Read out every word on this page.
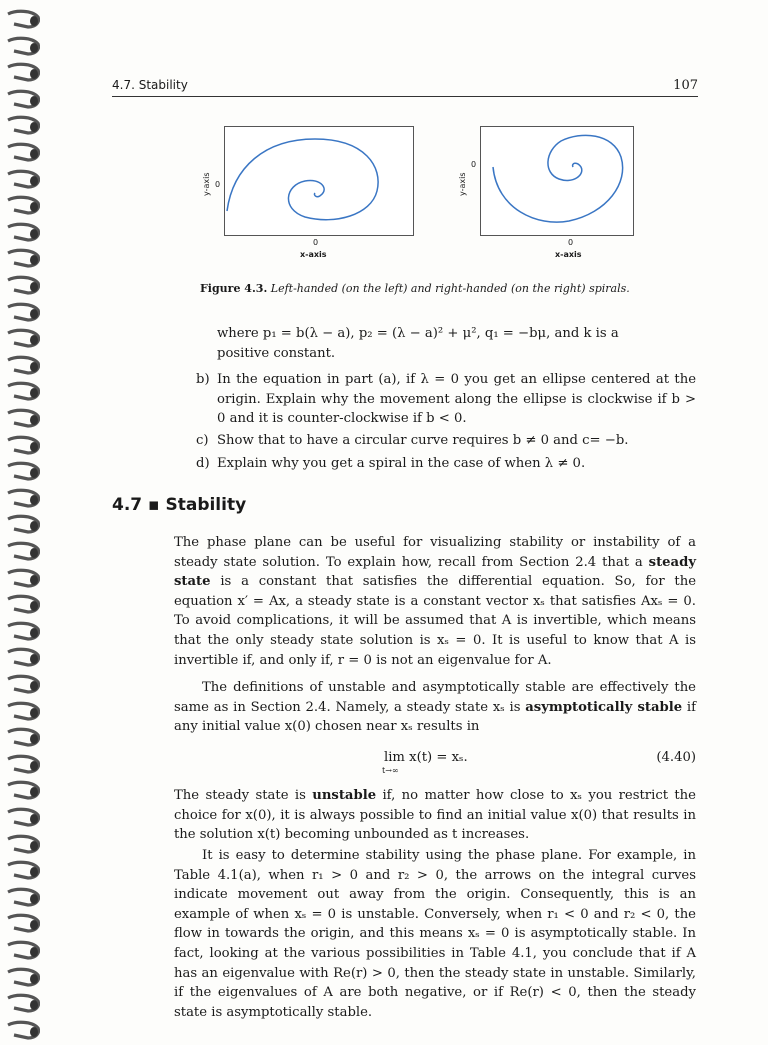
4.7. Stability	107
y-axis 0
0
x-axis
y-axis
0
0
x-axis
Figure 4.3. Left-handed (on the left) and right-handed (on the right) spirals.
where p₁ = b(λ − a), p₂ = (λ − a)² + μ², q₁ = −bμ, and k is a
positive constant.
b) In the equation in part (a), if λ = 0 you get an ellipse centered at the origin. Explain why the movement along the ellipse is clockwise if b > 0 and it is counter-clockwise if b < 0.
c) Show that to have a circular curve requires b ≠ 0 and c= −b.
d) Explain why you get a spiral in the case of when λ ≠ 0.
4.7 ▪ Stability
The phase plane can be useful for visualizing stability or instability of a steady state solution. To explain how, recall from Section 2.4 that a steady state is a constant that satisfies the differential equation. So, for the equation x′ = Ax, a steady state is a constant vector xₛ that satisfies Axₛ = 0. To avoid complications, it will be assumed that A is invertible, which means that the only steady state solution is xₛ = 0. It is useful to know that A is invertible if, and only if, r = 0 is not an eigenvalue for A.
The definitions of unstable and asymptotically stable are effectively the same as in Section 2.4. Namely, a steady state xₛ is asymptotically stable if any initial value x(0) chosen near xₛ results in
lim x(t) = xₛ.
t→∞
(4.40)
The steady state is unstable if, no matter how close to xₛ you restrict the choice for x(0), it is always possible to find an initial value x(0) that results in the solution x(t) becoming unbounded as t increases.
It is easy to determine stability using the phase plane. For example, in Table 4.1(a), when r₁ > 0 and r₂ > 0, the arrows on the integral curves indicate movement out away from the origin. Consequently, this is an example of when xₛ = 0 is unstable. Conversely, when r₁ < 0 and r₂ < 0, the flow in towards the origin, and this means xₛ = 0 is asymptotically stable. In fact, looking at the various possibilities in Table 4.1, you conclude that if A has an eigenvalue with Re(r) > 0, then the steady state in unstable. Similarly, if the eigenvalues of A are both negative, or if Re(r) < 0, then the steady state is asymptotically stable.
